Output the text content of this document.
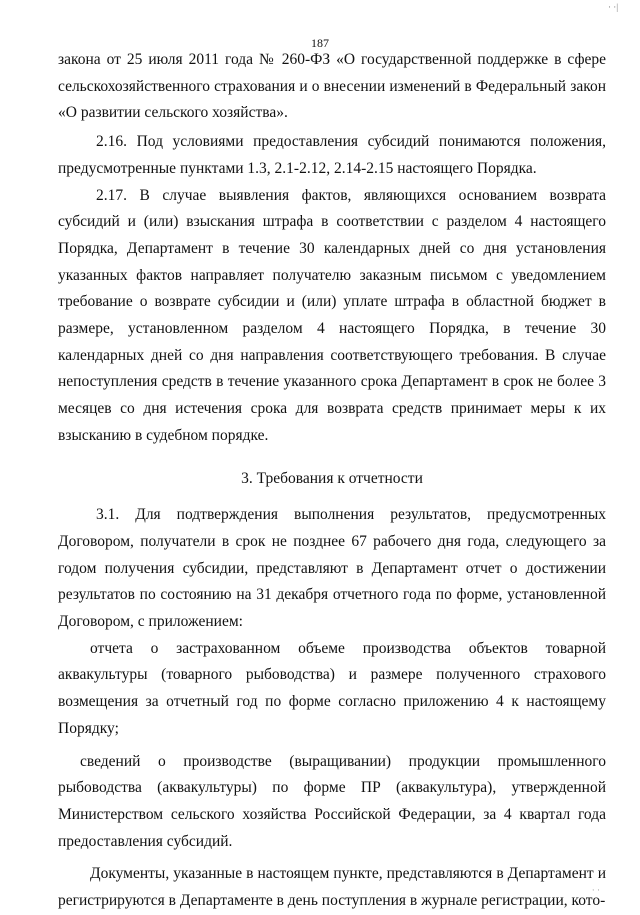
· ·|
187

закона от 25 июля 2011 года № 260-ФЗ «О государственной поддержке в сфере сельскохозяйственного страхования и о внесении изменений в Федеральный закон «О развитии сельского хозяйства».

2.16. Под условиями предоставления субсидий понимаются положения, предусмотренные пунктами 1.3, 2.1-2.12, 2.14-2.15 настоящего Порядка.

2.17. В случае выявления фактов, являющихся основанием возврата субсидий и (или) взыскания штрафа в соответствии с разделом 4 настоящего Порядка, Департамент в течение 30 календарных дней со дня установления указанных фактов направляет получателю заказным письмом с уведомлением требование о возврате субсидии и (или) уплате штрафа в областной бюджет в размере, установленном разделом 4 настоящего Порядка, в течение 30 календарных дней со дня направления соответствующего требования. В случае непоступления средств в течение указанного срока Департамент в срок не более 3 месяцев со дня истечения срока для возврата средств принимает меры к их взысканию в судебном порядке.

3. Требования к отчетности

3.1. Для подтверждения выполнения результатов, предусмотренных Договором, получатели в срок не позднее 67 рабочего дня года, следующего за годом получения субсидии, представляют в Департамент отчет о достижении результатов по состоянию на 31 декабря отчетного года по форме, установленной Договором, с приложением:

отчета о застрахованном объеме производства объектов товарной аквакультуры (товарного рыбоводства) и размере полученного страхового возмещения за отчетный год по форме согласно приложению 4 к настоящему Порядку;

сведений о производстве (выращивании) продукции промышленного рыбоводства (аквакультуры) по форме ПР (аквакультура), утвержденной Министерством сельского хозяйства Российской Федерации, за 4 квартал года предоставления субсидий.

Документы, указанные в настоящем пункте, представляются в Департамент и регистрируются в Департаменте в день поступления в журнале регистрации, кото-

· ·
